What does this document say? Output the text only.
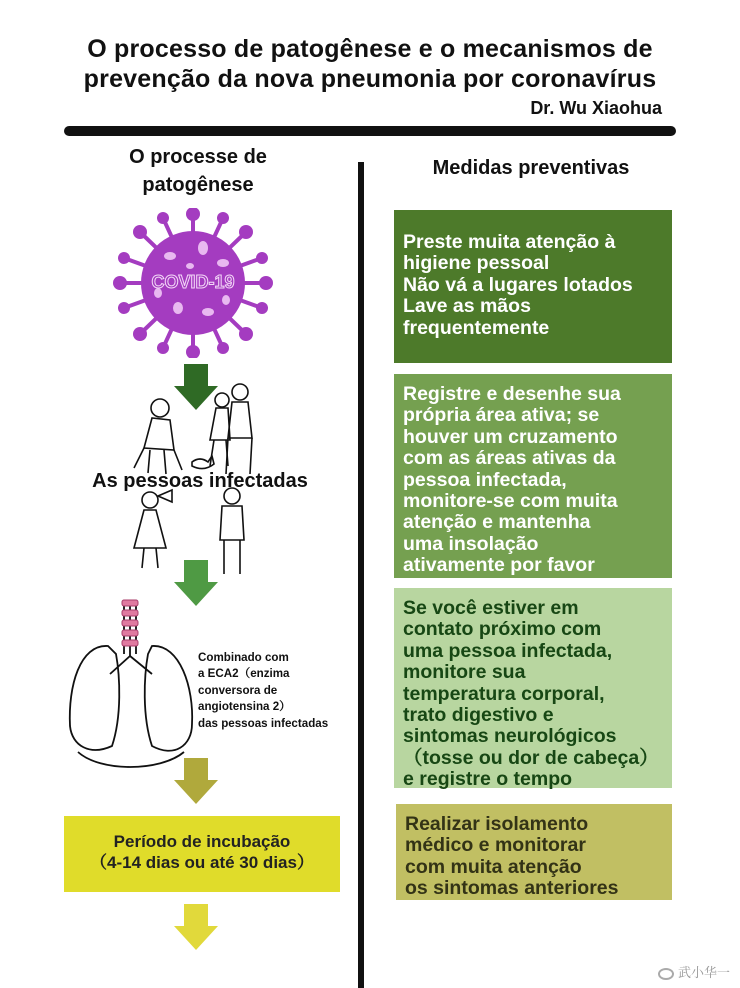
O processo de patogênese e o mecanismos de
prevenção da nova pneumonia por coronavírus
Dr. Wu Xiaohua
O processe de
patogênese
Medidas preventivas
COVID-19
As pessoas infectadas
Combinado com
a ECA2（enzima
conversora de
angiotensina 2）
das pessoas infectadas
Período de incubação
（4-14 dias ou até 30 dias）
Preste muita atenção à
higiene pessoal
Não vá a lugares lotados
Lave as mãos
frequentemente
Registre e desenhe sua
própria área ativa; se
houver um cruzamento
com as áreas ativas da
pessoa infectada,
monitore-se com muita
atenção e mantenha
uma insolação
ativamente por favor
Se você estiver em
contato próximo com
uma pessoa infectada,
monitore sua
temperatura corporal,
trato digestivo e
sintomas neurológicos
（tosse ou dor de cabeça）
e registre o tempo
Realizar isolamento
médico e monitorar
com muita atenção
os sintomas anteriores
武小华一
